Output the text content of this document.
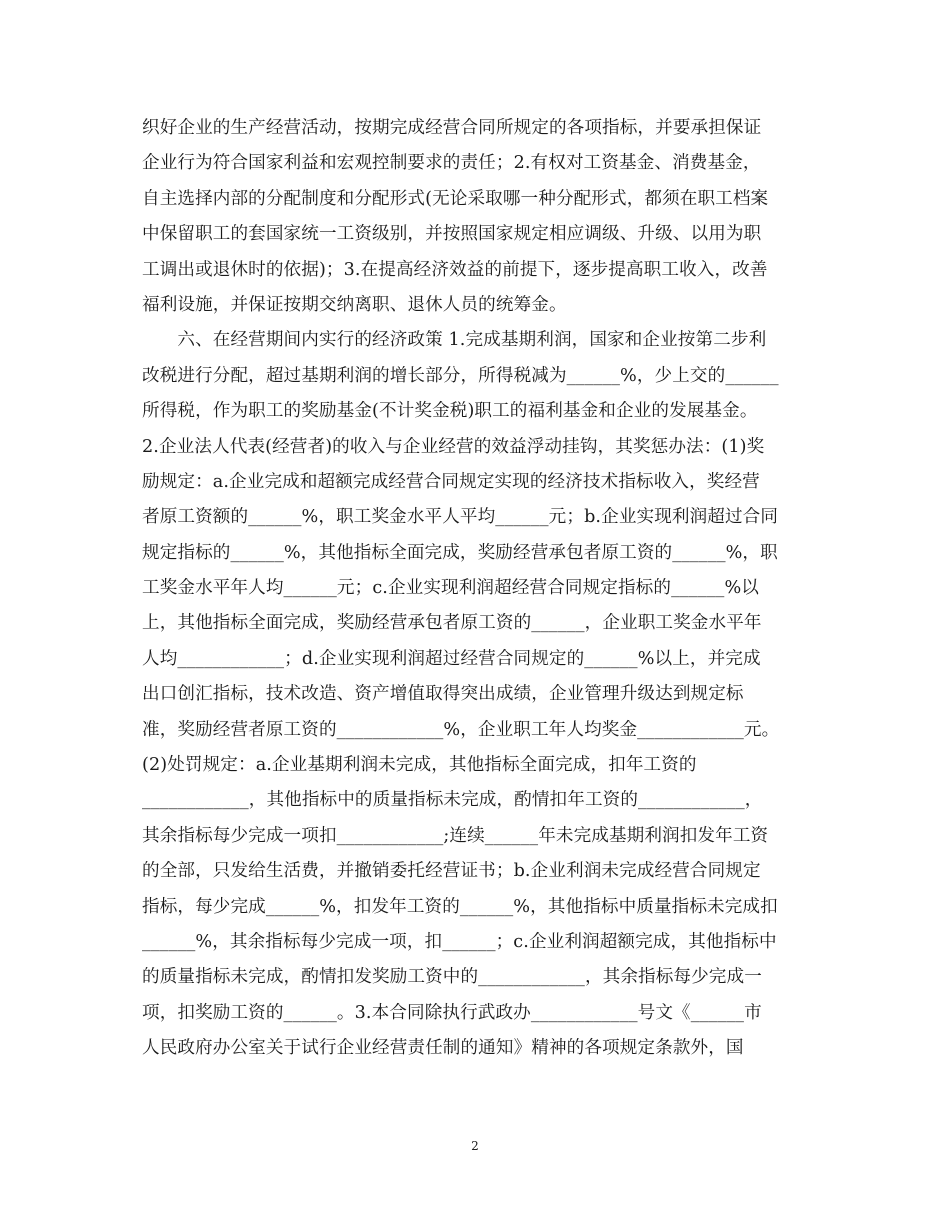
织好企业的生产经营活动，按期完成经营合同所规定的各项指标，并要承担保证
企业行为符合国家利益和宏观控制要求的责任；2.有权对工资基金、消费基金，
自主选择内部的分配制度和分配形式(无论采取哪一种分配形式，都须在职工档案
中保留职工的套国家统一工资级别，并按照国家规定相应调级、升级、以用为职
工调出或退休时的依据)；3.在提高经济效益的前提下，逐步提高职工收入，改善
福利设施，并保证按期交纳离职、退休人员的统筹金。

　　六、在经营期间内实行的经济政策 1.完成基期利润，国家和企业按第二步利
改税进行分配，超过基期利润的增长部分，所得税减为______%，少上交的______
所得税，作为职工的奖励基金(不计奖金税)职工的福利基金和企业的发展基金。
2.企业法人代表(经营者)的收入与企业经营的效益浮动挂钩，其奖惩办法：(1)奖
励规定：a.企业完成和超额完成经营合同规定实现的经济技术指标收入，奖经营
者原工资额的______%，职工奖金水平人平均______元；b.企业实现利润超过合同
规定指标的______%，其他指标全面完成，奖励经营承包者原工资的______%，职
工奖金水平年人均______元；c.企业实现利润超经营合同规定指标的______%以
上，其他指标全面完成，奖励经营承包者原工资的______，企业职工奖金水平年
人均____________；d.企业实现利润超过经营合同规定的______%以上，并完成
出口创汇指标，技术改造、资产增值取得突出成绩，企业管理升级达到规定标
准，奖励经营者原工资的____________%，企业职工年人均奖金____________元。
(2)处罚规定：a.企业基期利润未完成，其他指标全面完成，扣年工资的
____________，其他指标中的质量指标未完成，酌情扣年工资的____________，
其余指标每少完成一项扣____________;连续______年未完成基期利润扣发年工资
的全部，只发给生活费，并撤销委托经营证书；b.企业利润未完成经营合同规定
指标，每少完成______%，扣发年工资的______%，其他指标中质量指标未完成扣
______%，其余指标每少完成一项，扣______；c.企业利润超额完成，其他指标中
的质量指标未完成，酌情扣发奖励工资中的____________，其余指标每少完成一
项，扣奖励工资的______。3.本合同除执行武政办____________号文《______市
人民政府办公室关于试行企业经营责任制的通知》精神的各项规定条款外，国

2
